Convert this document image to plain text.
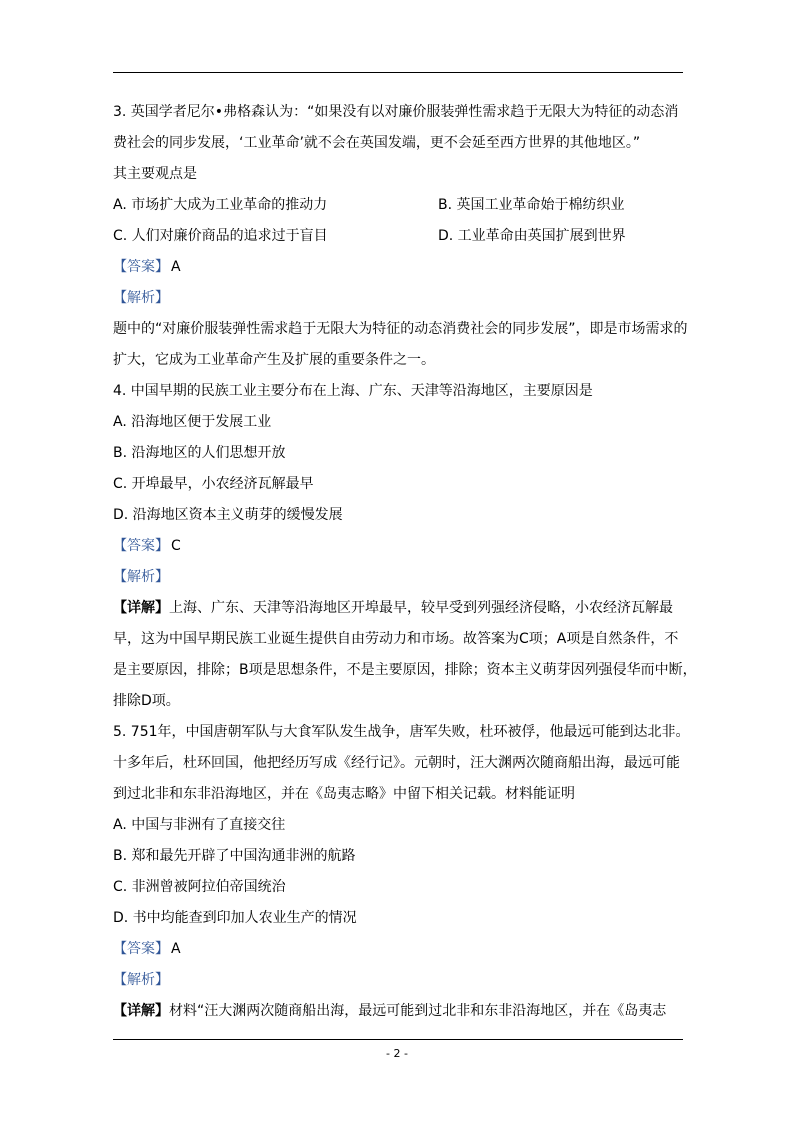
3. 英国学者尼尔•弗格森认为：“如果没有以对廉价服装弹性需求趋于无限大为特征的动态消
费社会的同步发展，‘工业革命’就不会在英国发端，更不会延至西方世界的其他地区。”
其主要观点是
A. 市场扩大成为工业革命的推动力	B. 英国工业革命始于棉纺织业
C. 人们对廉价商品的追求过于盲目	D. 工业革命由英国扩展到世界
【答案】 A
【解析】
题中的“对廉价服装弹性需求趋于无限大为特征的动态消费社会的同步发展”，即是市场需求的
扩大，它成为工业革命产生及扩展的重要条件之一。
4. 中国早期的民族工业主要分布在上海、广东、天津等沿海地区，主要原因是
A. 沿海地区便于发展工业
B. 沿海地区的人们思想开放
C. 开埠最早，小农经济瓦解最早
D. 沿海地区资本主义萌芽的缓慢发展
【答案】 C
【解析】
【详解】上海、广东、天津等沿海地区开埠最早，较早受到列强经济侵略，小农经济瓦解最
早，这为中国早期民族工业诞生提供自由劳动力和市场。故答案为C项；A项是自然条件，不
是主要原因，排除；B项是思想条件，不是主要原因，排除；资本主义萌芽因列强侵华而中断，
排除D项。
5. 751年，中国唐朝军队与大食军队发生战争，唐军失败，杜环被俘，他最远可能到达北非。
十多年后，杜环回国，他把经历写成《经行记》。元朝时，汪大渊两次随商船出海，最远可能
到过北非和东非沿海地区，并在《岛夷志略》中留下相关记载。材料能证明
A. 中国与非洲有了直接交往
B. 郑和最先开辟了中国沟通非洲的航路
C. 非洲曾被阿拉伯帝国统治
D. 书中均能查到印加人农业生产的情况
【答案】 A
【解析】
【详解】材料“汪大渊两次随商船出海，最远可能到过北非和东非沿海地区，并在《岛夷志
- 2 -
